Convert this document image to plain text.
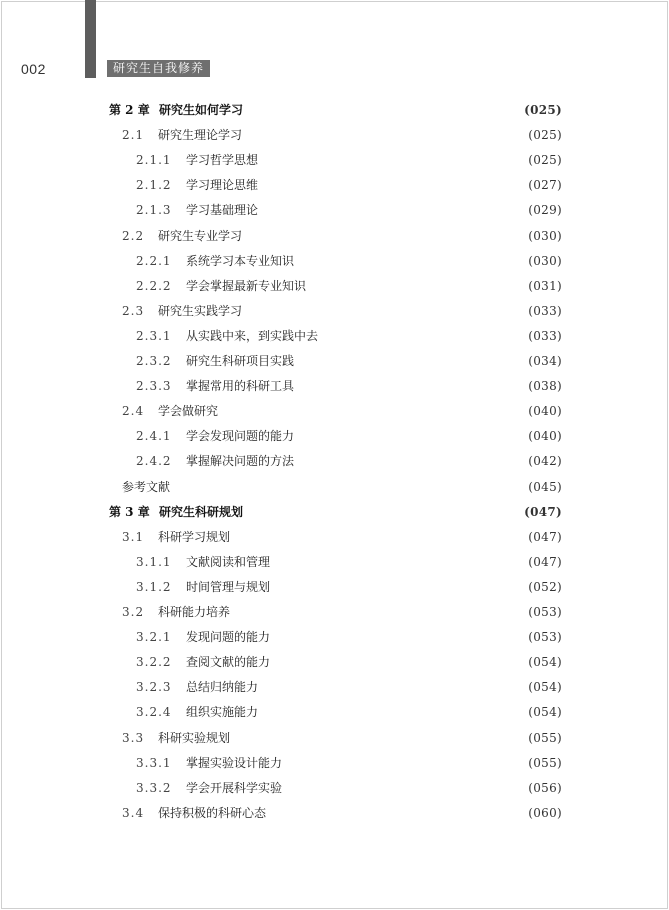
002	研究生自我修养
第 2 章 研究生如何学习	(025)
2.1	研究生理论学习	(025)
2.1.1	学习哲学思想	(025)
2.1.2	学习理论思维	(027)
2.1.3	学习基础理论	(029)
2.2	研究生专业学习	(030)
2.2.1	系统学习本专业知识	(030)
2.2.2	学会掌握最新专业知识	(031)
2.3	研究生实践学习	(033)
2.3.1	从实践中来，到实践中去	(033)
2.3.2	研究生科研项目实践	(034)
2.3.3	掌握常用的科研工具	(038)
2.4	学会做研究	(040)
2.4.1	学会发现问题的能力	(040)
2.4.2	掌握解决问题的方法	(042)
参考文献	(045)
第 3 章 研究生科研规划	(047)
3.1	科研学习规划	(047)
3.1.1	文献阅读和管理	(047)
3.1.2	时间管理与规划	(052)
3.2	科研能力培养	(053)
3.2.1	发现问题的能力	(053)
3.2.2	查阅文献的能力	(054)
3.2.3	总结归纳能力	(054)
3.2.4	组织实施能力	(054)
3.3	科研实验规划	(055)
3.3.1	掌握实验设计能力	(055)
3.3.2	学会开展科学实验	(056)
3.4	保持积极的科研心态	(060)
